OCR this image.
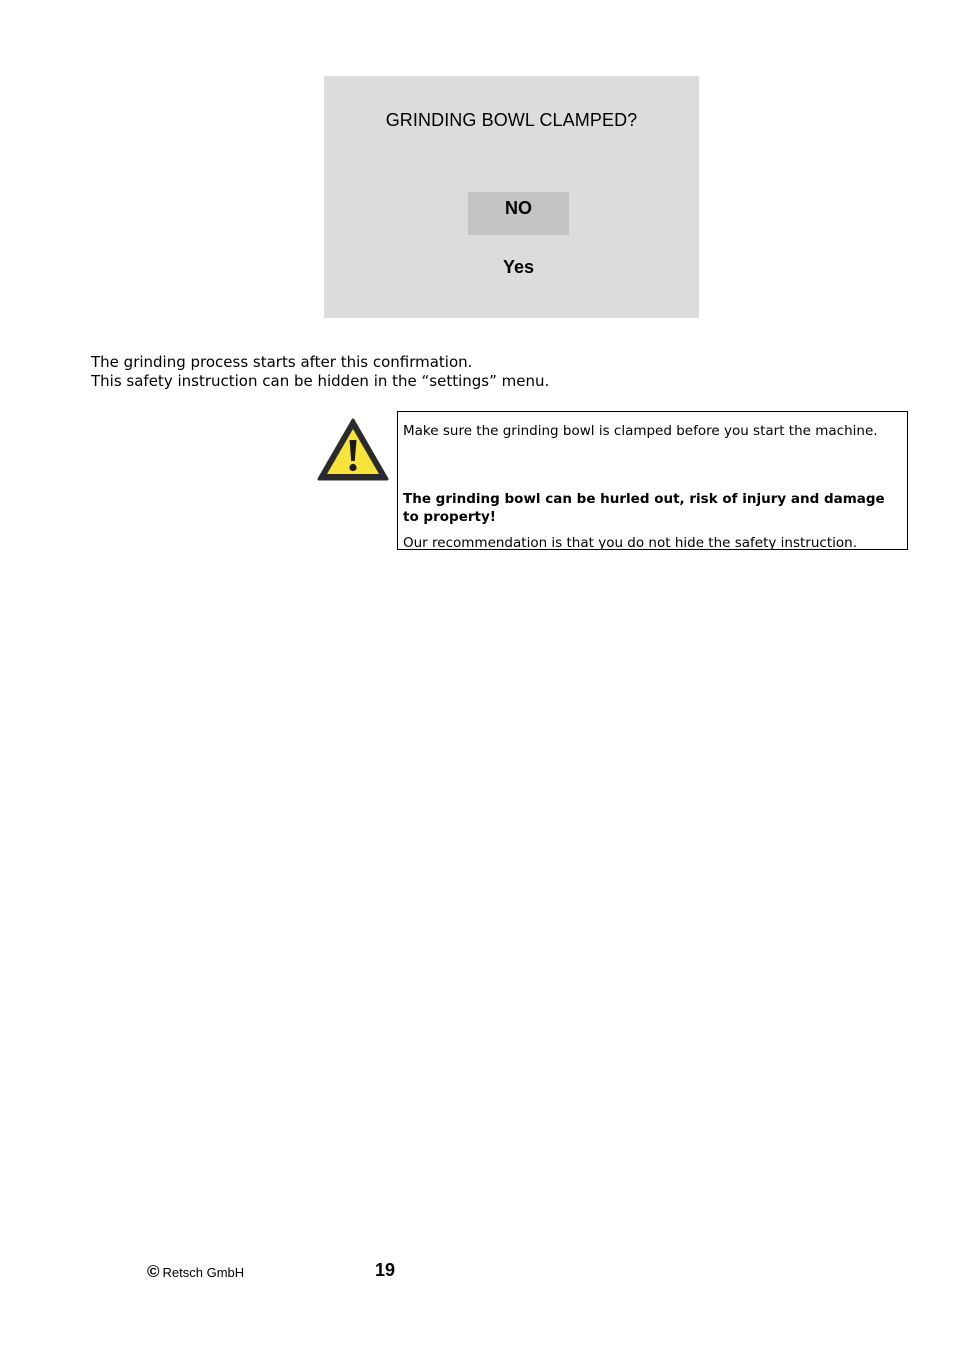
GRINDING BOWL CLAMPED?
NO
Yes
The grinding process starts after this confirmation.
This safety instruction can be hidden in the “settings” menu.
Make sure the grinding bowl is clamped before you start the machine.
The grinding bowl can be hurled out, risk of injury and damage to property!
Our recommendation is that you do not hide the safety instruction.
© Retsch GmbH	19
